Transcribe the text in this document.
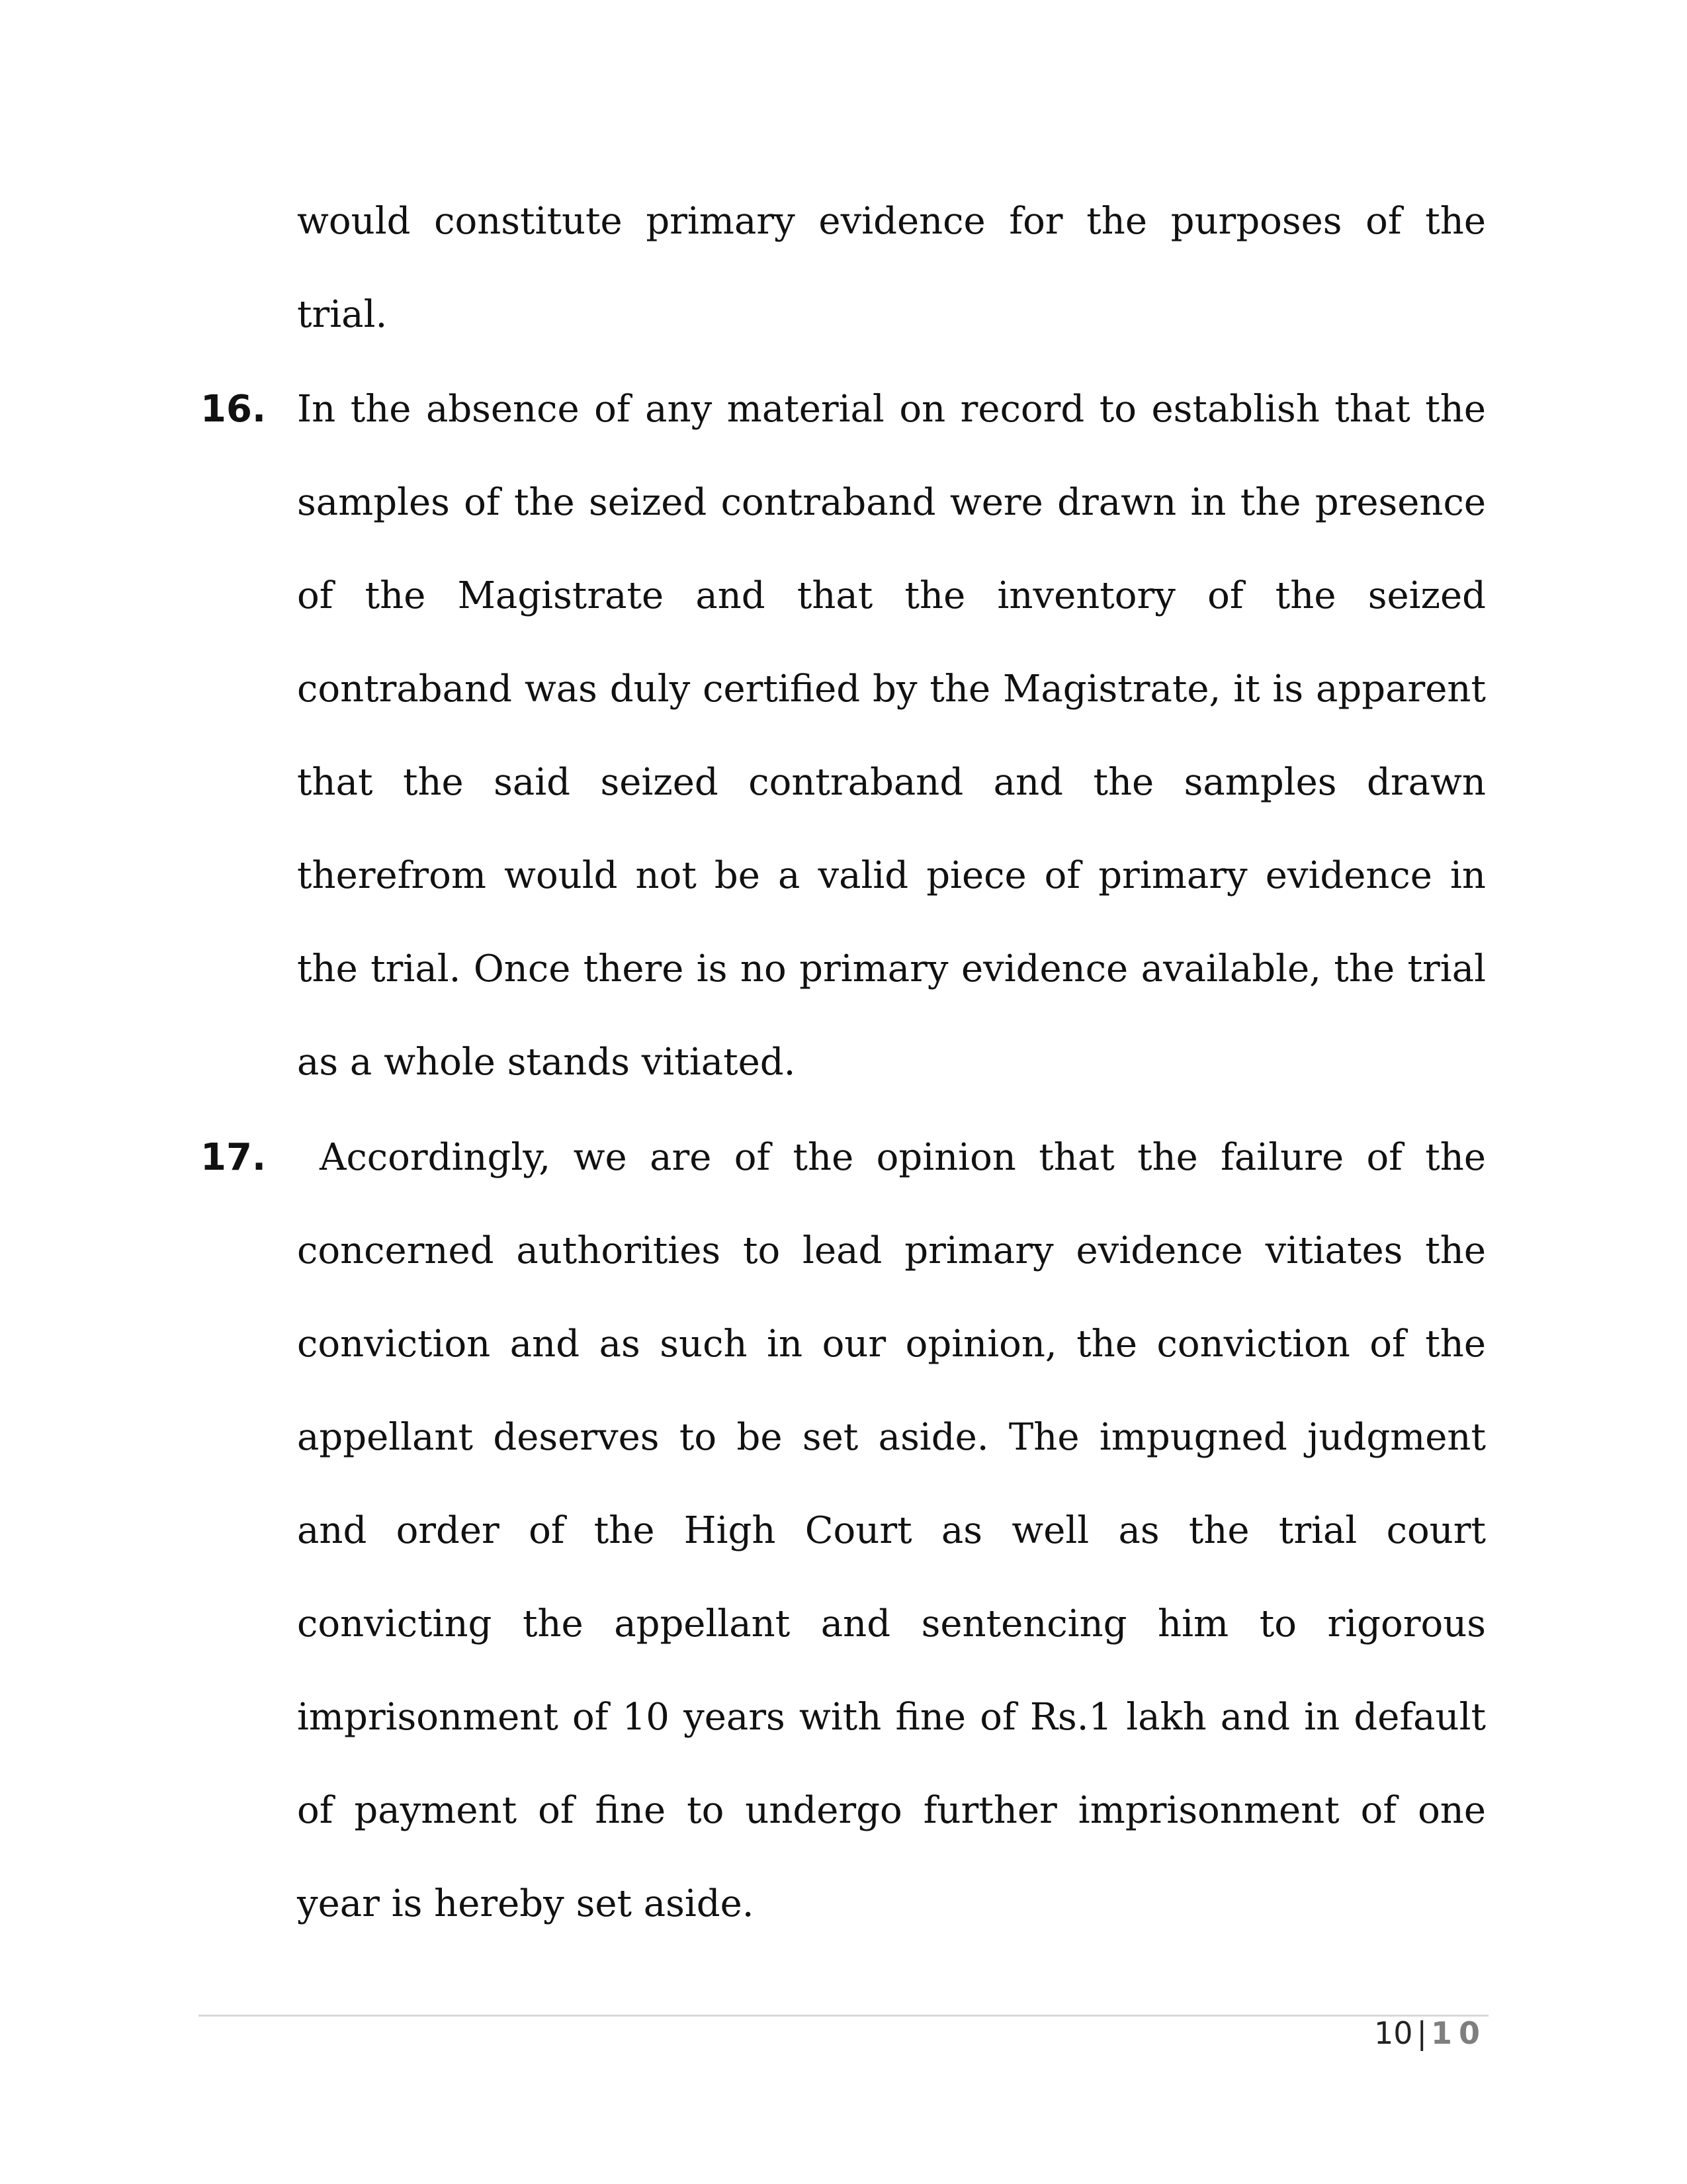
would constitute primary evidence for the purposes of the trial.

16. In the absence of any material on record to establish that the samples of the seized contraband were drawn in the presence of the Magistrate and that the inventory of the seized contraband was duly certified by the Magistrate, it is apparent that the said seized contraband and the samples drawn therefrom would not be a valid piece of primary evidence in the trial. Once there is no primary evidence available, the trial as a whole stands vitiated.

17.	Accordingly, we are of the opinion that the failure of the concerned authorities to lead primary evidence vitiates the conviction and as such in our opinion, the conviction of the appellant deserves to be set aside. The impugned judgment and order of the High Court as well as the trial court convicting the appellant and sentencing him to rigorous imprisonment of 10 years with fine of Rs.1 lakh and in default of payment of fine to undergo further imprisonment of one year is hereby set aside.

10 | 10
